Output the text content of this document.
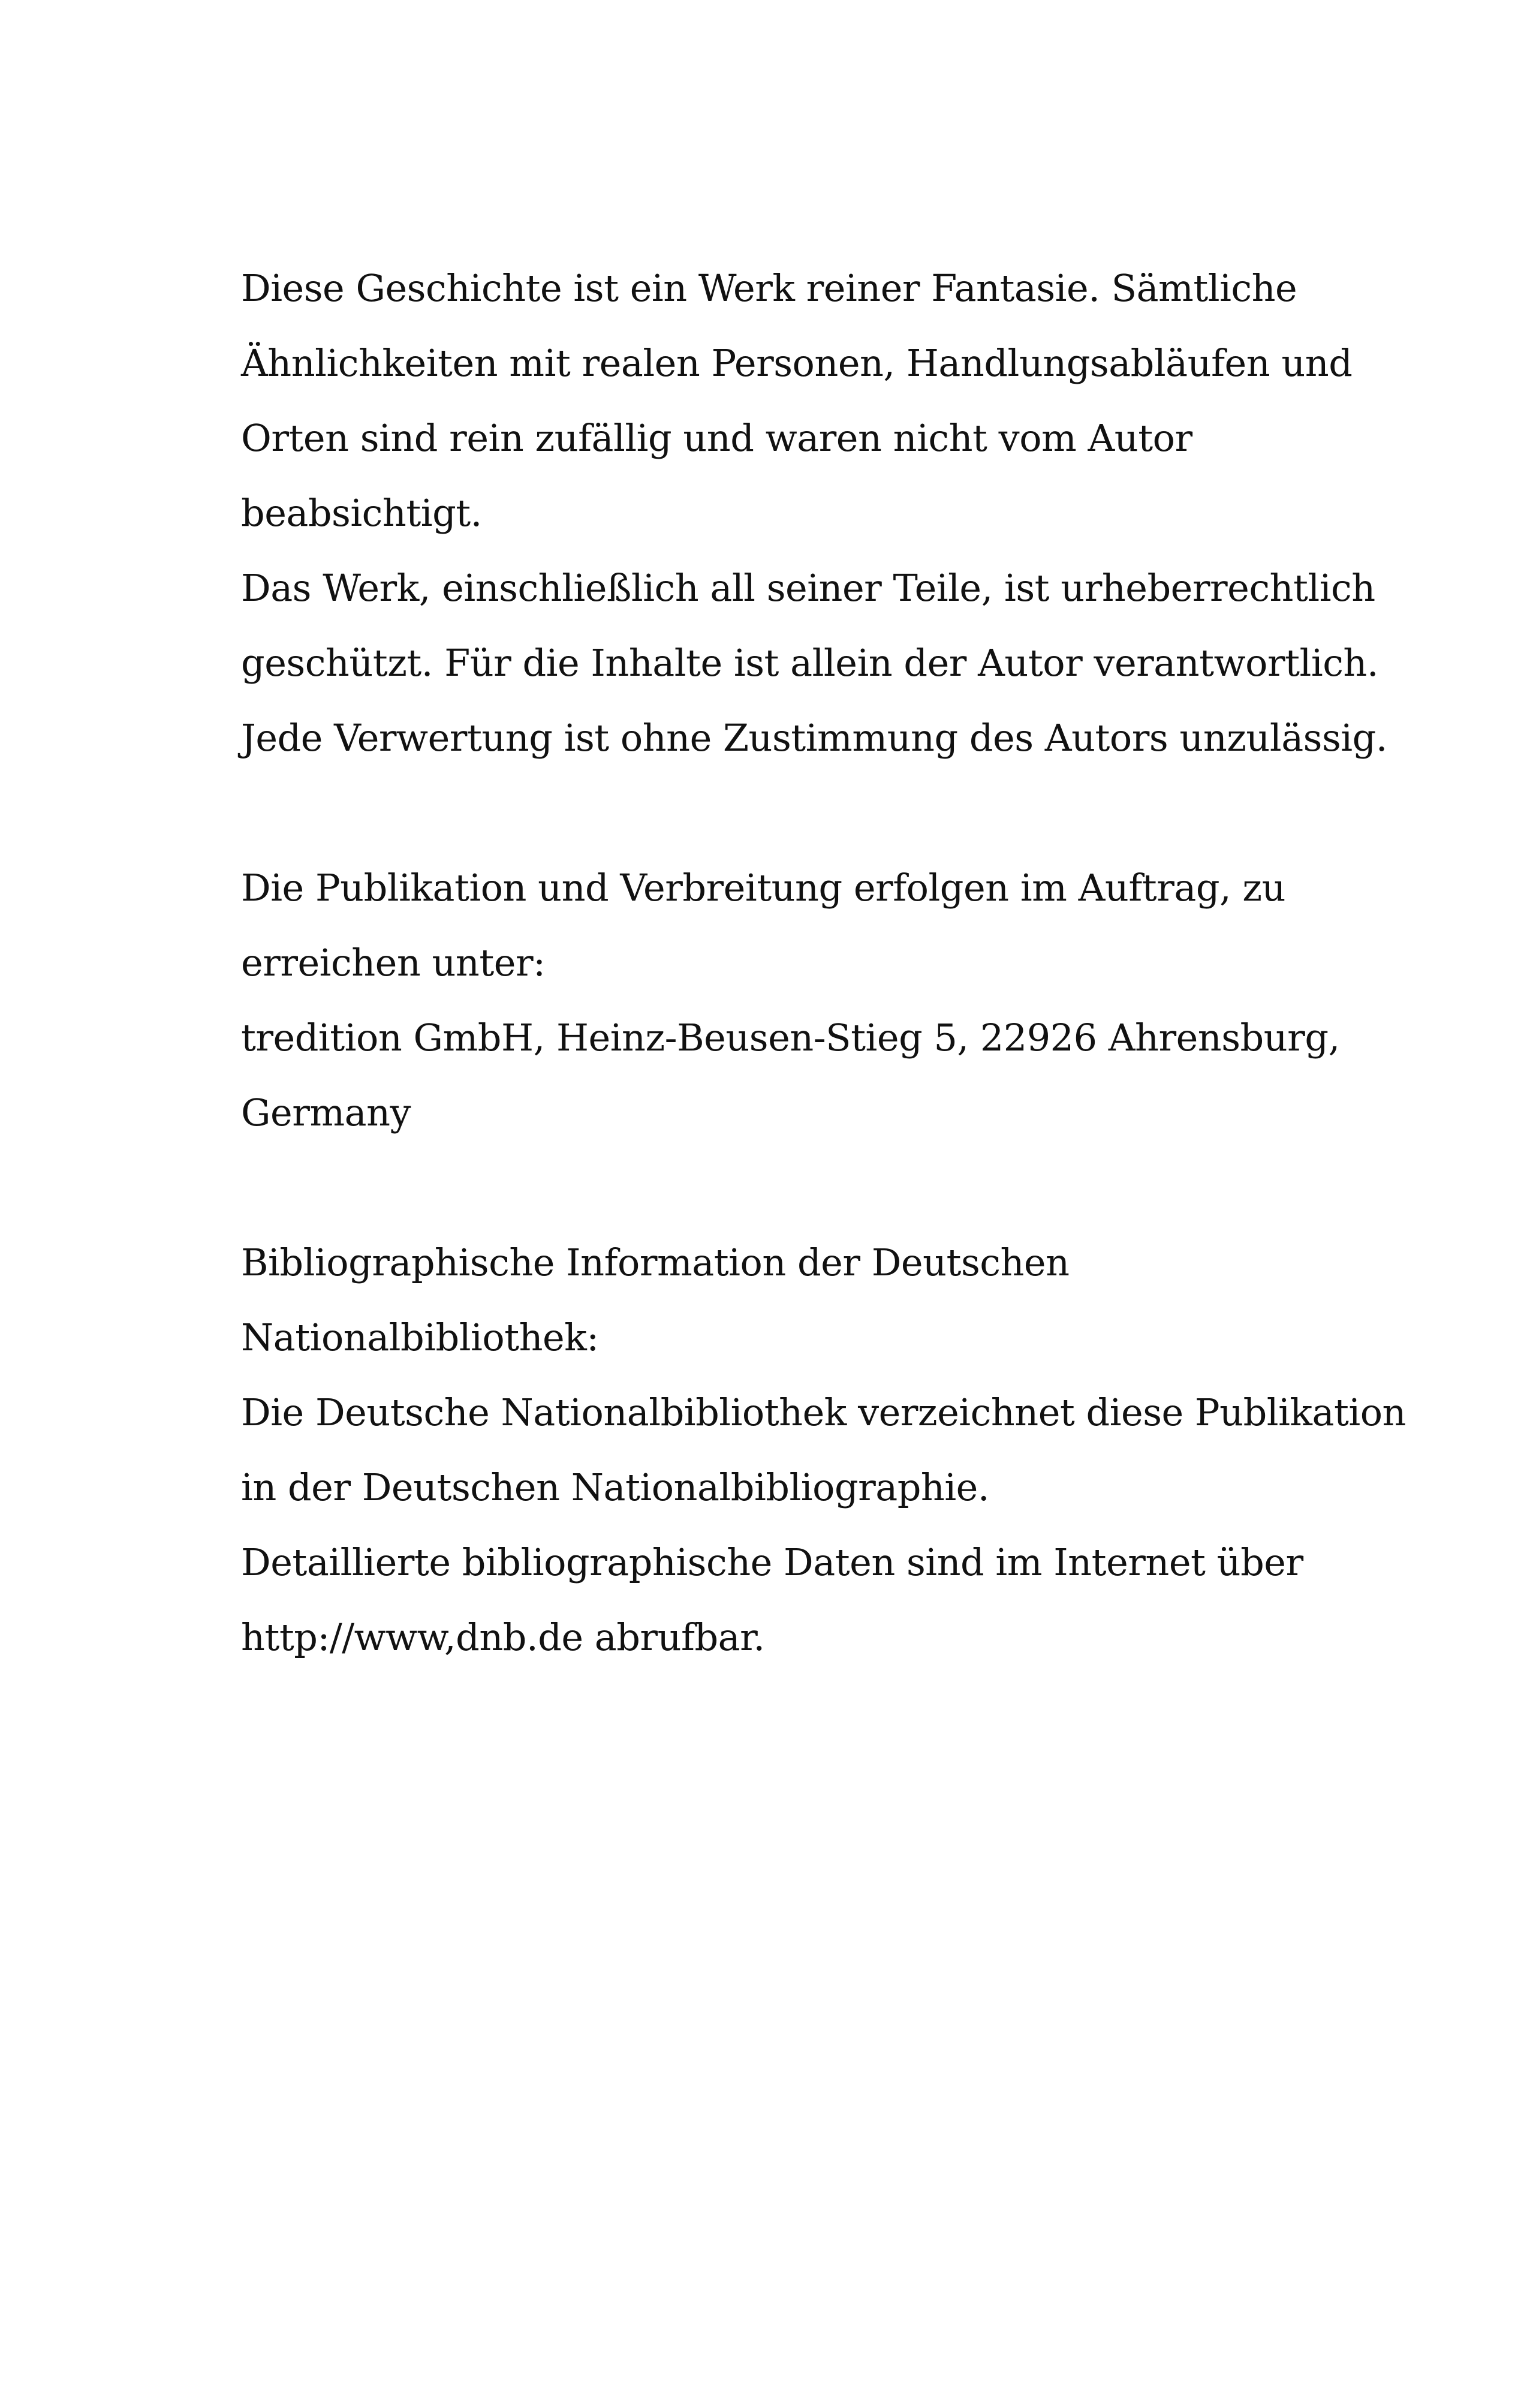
Diese Geschichte ist ein Werk reiner Fantasie. Sämtliche
Ähnlichkeiten mit realen Personen, Handlungsabläufen und
Orten sind rein zufällig und waren nicht vom Autor
beabsichtigt.
Das Werk, einschließlich all seiner Teile, ist urheberrechtlich
geschützt. Für die Inhalte ist allein der Autor verantwortlich.
Jede Verwertung ist ohne Zustimmung des Autors unzulässig.
Die Publikation und Verbreitung erfolgen im Auftrag, zu
erreichen unter:
tredition GmbH, Heinz-Beusen-Stieg 5, 22926 Ahrensburg,
Germany
Bibliographische Information der Deutschen
Nationalbibliothek:
Die Deutsche Nationalbibliothek verzeichnet diese Publikation
in der Deutschen Nationalbibliographie.
Detaillierte bibliographische Daten sind im Internet über
http://www,dnb.de abrufbar.
